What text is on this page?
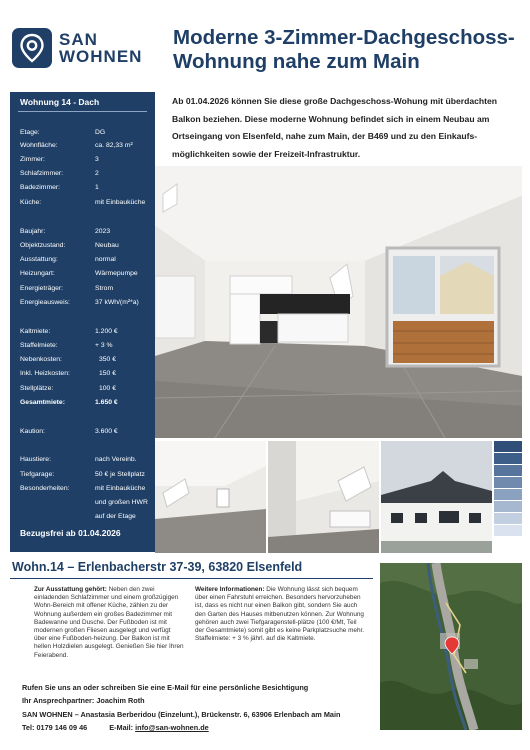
SAN
WOHNEN
Moderne 3-Zimmer-Dachgeschoss-
Wohnung nahe zum Main
Wohnung 14 - Dach
Etage:	DG
Wohnfläche:	ca. 82,33 m²
Zimmer:	3
Schlafzimmer:	2
Badezimmer:	1
Küche:	mit Einbauküche
Baujahr:	2023
Objektzustand:	Neubau
Ausstattung:	normal
Heizungart:	Wärmepumpe
Energieträger:	Strom
Energieausweis:	37 kWh/(m²*a)
Kaltmiete:	1.200 €
Staffelmiete:	+ 3 %
Nebenkosten:	350 €
Inkl. Heizkosten:	150 €
Stellplätze:	100 €
Gesamtmiete:	1.650 €
Kaution:	3.600 €
Haustiere:	nach Vereinb.
Tiefgarage:	50 € je Stellplatz
Besonderheiten:	mit Einbauküche
und großen HWR
auf der Etage
Bezugsfrei ab 01.04.2026
Ab 01.04.2026 können Sie diese große Dachgeschoss-Wohung mit überdachten Balkon beziehen. Diese moderne Wohnung befindet sich in einem Neubau am Ortseingang von Elsenfeld, nahe zum Main, der B469 und zu den Einkaufs-möglichkeiten sowie der Freizeit-Infrastruktur.
Wohn.14 – Erlenbacherstr 37-39, 63820 Elsenfeld
Zur Ausstattung gehört: Neben den zwei einladenden Schlafzimmer und einem großzügigen Wohn-Bereich mit offener Küche, zählen zu der Wohnung außerdem ein großes Badezimmer mit Badewanne und Dusche. Der Fußboden ist mit modernen großen Fliesen ausgelegt und verfügt über eine Fußboden-heizung. Der Balkon ist mit hellen Holzdielen ausgelegt. Genießen Sie hier Ihren Feierabend.
Weitere Informationen: Die Wohnung lässt sich bequem über einen Fahrstuhl erreichen. Besonders hervorzuheben ist, dass es nicht nur einen Balkon gibt, sondern Sie auch den Garten des Hauses mitbenutzen können. Zur Wohnung gehören auch zwei Tiefgaragenstell-plätze (100 €/Mt, Teil der Gesamtmiete) somit gibt es keine Parkplatzsuche mehr. Staffelmiete: + 3 % jährl. auf die Kaltmiete.
Rufen Sie uns an oder schreiben Sie eine E-Mail für eine persönliche Besichtigung
Ihr Ansprechpartner: Joachim Roth
SAN WOHNEN – Anastasia Berberidou (Einzelunt.), Brückenstr. 6, 63906 Erlenbach am Main
Tel: 0179 146 09 46	E-Mail: info@san-wohnen.de
